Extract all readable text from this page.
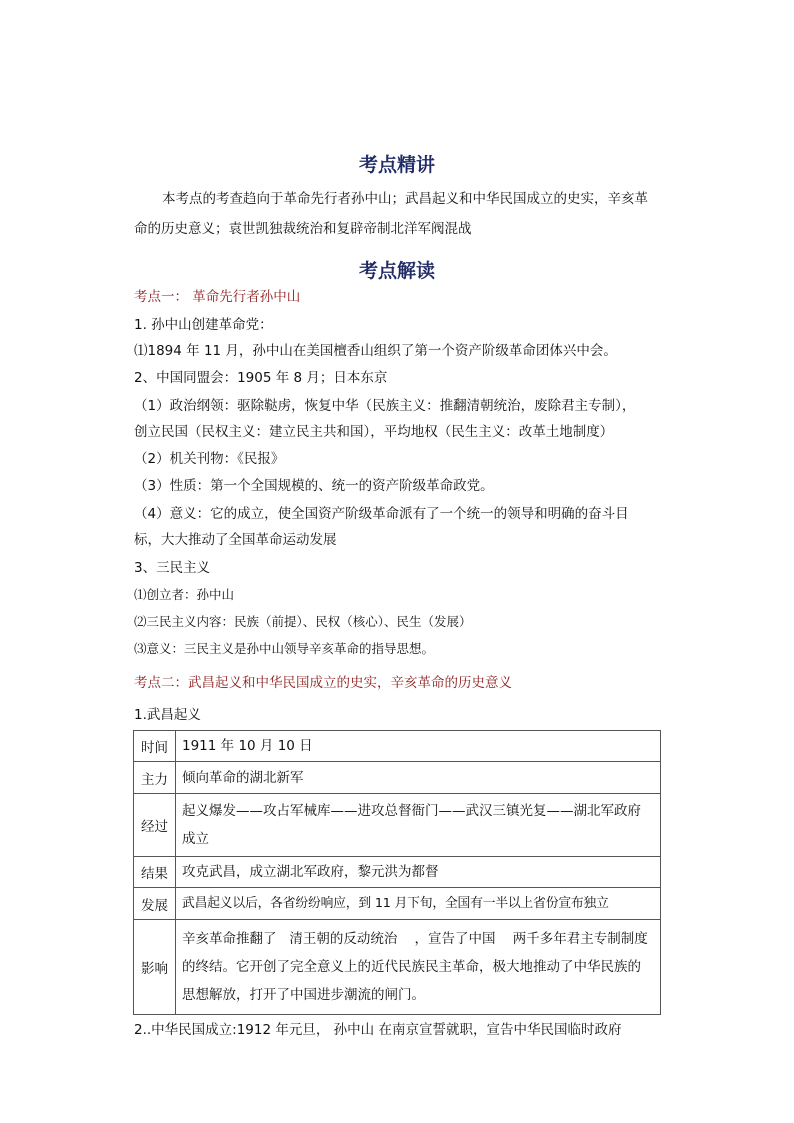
考点精讲
本考点的考查趋向于革命先行者孙中山；武昌起义和中华民国成立的史实，辛亥革
命的历史意义；袁世凯独裁统治和复辟帝制北洋军阀混战
考点解读
考点一： 革命先行者孙中山
1. 孙中山创建革命党：
⑴1894 年 11 月，孙中山在美国檀香山组织了第一个资产阶级革命团体兴中会。
2、中国同盟会：1905 年 8 月；日本东京
（1）政治纲领：驱除鞑虏，恢复中华（民族主义：推翻清朝统治，废除君主专制），
创立民国（民权主义：建立民主共和国），平均地权（民生主义：改革土地制度）
（2）机关刊物：《民报》
（3）性质：第一个全国规模的、统一的资产阶级革命政党。
（4）意义：它的成立，使全国资产阶级革命派有了一个统一的领导和明确的奋斗目
标，大大推动了全国革命运动发展
3、三民主义
⑴创立者：孙中山
⑵三民主义内容：民族（前提）、民权（核心）、民生（发展）
⑶意义：三民主义是孙中山领导辛亥革命的指导思想。
考点二：武昌起义和中华民国成立的史实，辛亥革命的历史意义
1.武昌起义
时间	1911 年 10 月 10 日
主力	倾向革命的湖北新军
经过	起义爆发——攻占军械库——进攻总督衙门——武汉三镇光复——湖北军政府成立
结果	攻克武昌，成立湖北军政府，黎元洪为都督
发展	武昌起义以后，各省纷纷响应，到 11 月下旬，全国有一半以上省份宣布独立
影响	辛亥革命推翻了   清王朝的反动统治    ，宣告了中国    两千多年君主专制制度    的终结。它开创了完全意义上的近代民族民主革命，极大地推动了中华民族的思想解放，打开了中国进步潮流的闸门。
2..中华民国成立:1912 年元旦， 孙中山 在南京宣誓就职，宣告中华民国临时政府
